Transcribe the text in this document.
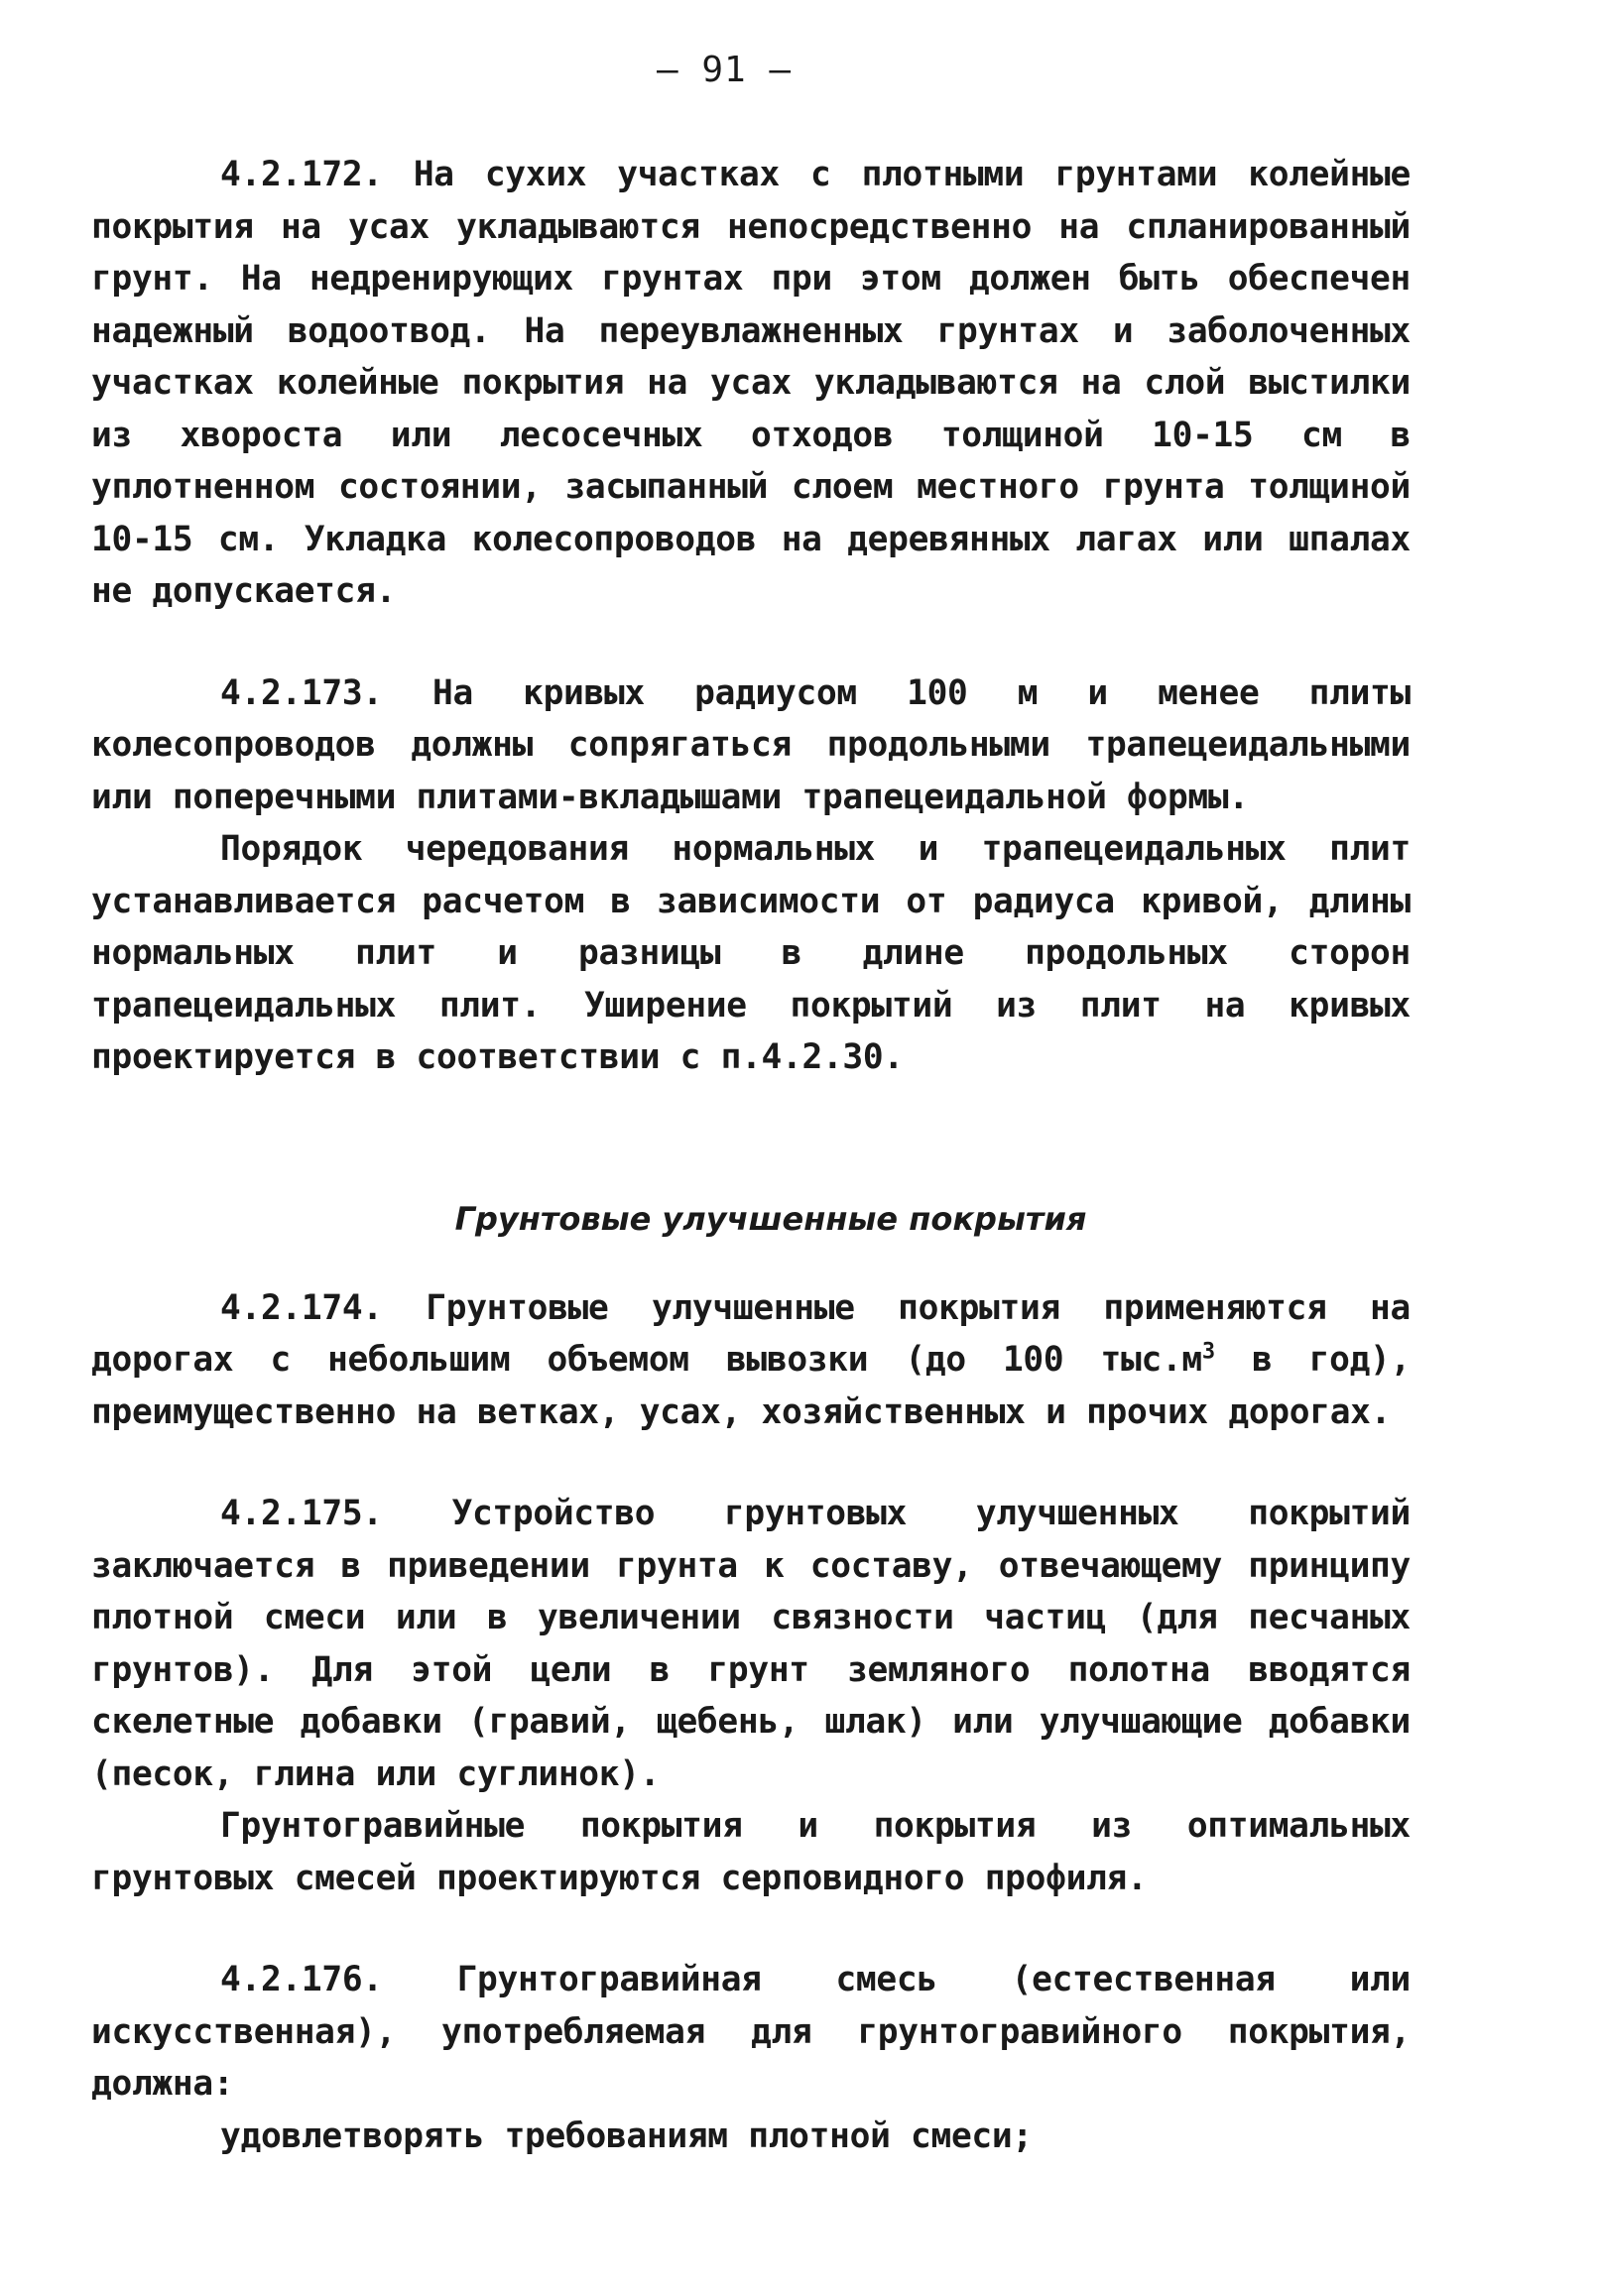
— 91 —

4.2.172. На сухих участках с плотными грунтами колейные покрытия на усах укладываются непосредственно на спланированный грунт. На недренирующих грунтах при этом должен быть обеспечен надежный водоотвод. На переувлажненных грунтах и заболоченных участках колейные покрытия на усах укладываются на слой выстилки из хвороста или лесосечных отходов толщиной 10-15 см в уплотненном состоянии, засыпанный слоем местного грунта толщиной 10-15 см. Укладка колесопроводов на деревянных лагах или шпалах не допускается.

4.2.173. На кривых радиусом 100 м и менее плиты колесопроводов должны сопрягаться продольными трапецеидальными или поперечными плитами-вкладышами трапецеидальной формы.

Порядок чередования нормальных и трапецеидальных плит устанавливается расчетом в зависимости от радиуса кривой, длины нормальных плит и разницы в длине продольных сторон трапецеидальных плит. Уширение покрытий из плит на кривых проектируется в соответствии с п.4.2.30.

Грунтовые улучшенные покрытия

4.2.174. Грунтовые улучшенные покрытия применяются на дорогах с небольшим объемом вывозки (до 100 $тыс.м^3$ в год), преимущественно на ветках, усах, хозяйственных и прочих дорогах.

4.2.175. Устройство грунтовых улучшенных покрытий заключается в приведении грунта к составу, отвечающему принципу плотной смеси или в увеличении связности частиц (для песчаных грунтов). Для этой цели в грунт земляного полотна вводятся скелетные добавки (гравий, щебень, шлак) или улучшающие добавки (песок, глина или суглинок).

Грунтогравийные покрытия и покрытия из оптимальных грунтовых смесей проектируются серповидного профиля.

4.2.176. Грунтогравийная смесь (естественная или искусственная), употребляемая для грунтогравийного покрытия, должна:

удовлетворять требованиям плотной смеси;
